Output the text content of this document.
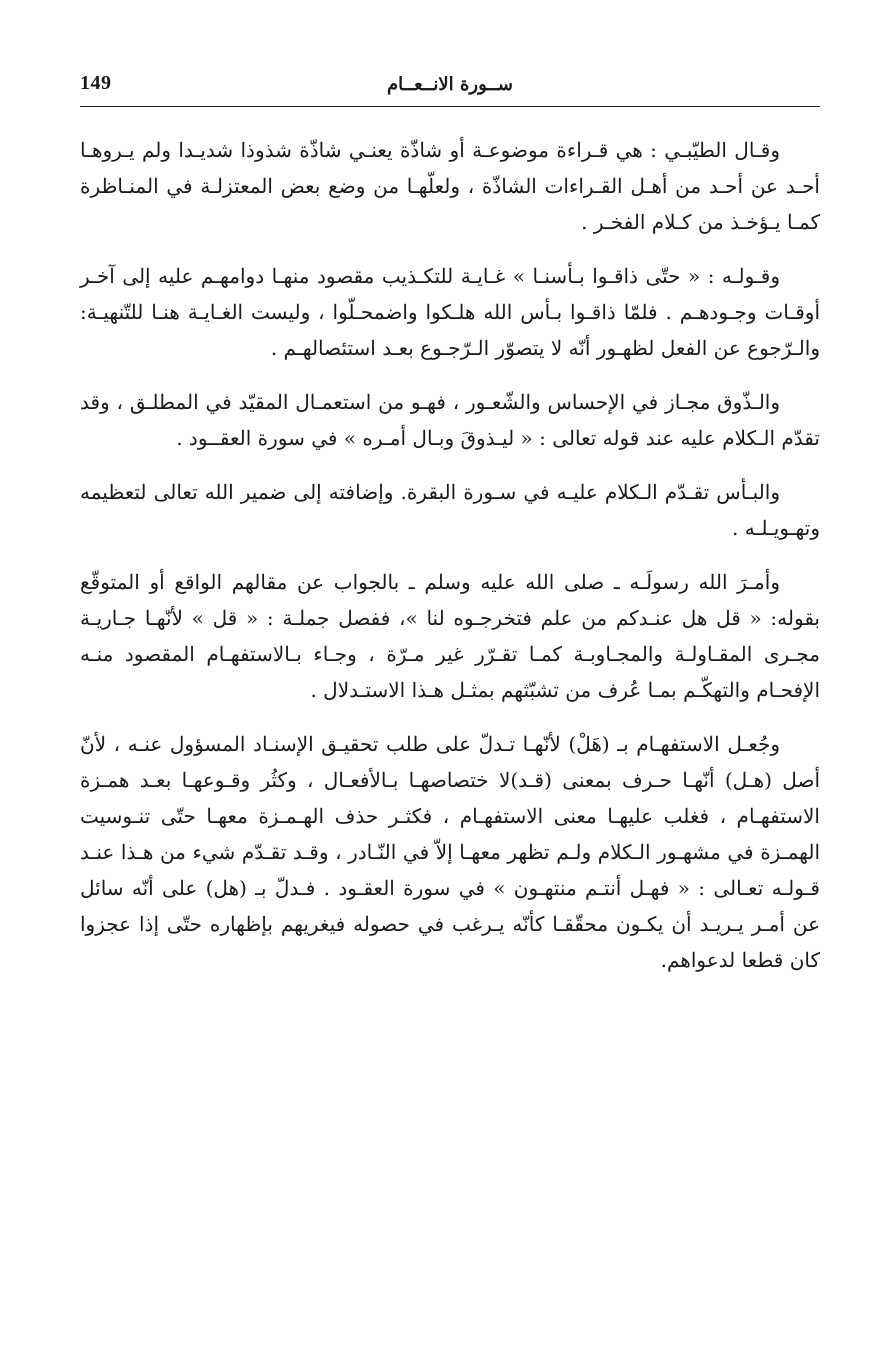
149	ســورة الانــعــام

وقـال الطيّبـي : هي قـراءة موضوعـة أو شاذّة يعنـي شاذّة شذوذا شديـدا ولم يـروهـا أحـد عن أحـد من أهـل القـراءات الشاذّة ، ولعلّهـا من وضع بعض المعتزلـة في المنـاظرة كمـا يـؤخـذ من كـلام الفخـر .

وقـولـه : « حتّى ذاقـوا بـأسنـا » غـايـة للتكـذيب مقصود منهـا دوامهـم عليه إلى آخـر أوقـات وجـودهـم . فلمّا ذاقـوا بـأس الله هلـكوا واضمحـلّوا ، وليست الغـايـة هنـا للتّنهيـة: والـرّجوع عن الفعل لظهـور أنّه لا يتصوّر الـرّجـوع بعـد استئصالهـم .

والـذّوق مجـاز في الإحساس والشّعـور ، فهـو من استعمـال المقيّد في المطلـق ، وقد تقدّم الـكلام عليه عند قوله تعالى : « ليـذوقَ وبـال أمـره » في سورة العقــود .

والبـأس تقـدّم الـكلام عليـه في سـورة البقرة. وإضافته إلى ضمير الله تعالى لتعظيمه وتهـويـلـه .

وأمـرَ الله رسولَـه ـ صلى الله عليه وسلم ـ بالجواب عن مقالهم الواقع أو المتوقّع بقوله: « قل هل عنـدكم من علم فتخرجـوه لنا »، ففصل جملـة : « قل » لأنّهـا جـاريـة مجـرى المقـاولـة والمجـاوبـة كمـا تقـرّر غير مـرّة ، وجـاء بـالاستفهـام المقصود منـه الإفحـام والتهكّـم بمـا عُرف من تشبّثهم بمثـل هـذا الاستـدلال .

وجُعـل الاستفهـام بـ (هَلْ) لأنّهـا تـدلّ على طلب تحقيـق الإسنـاد المسؤول عنـه ، لأنّ أصل (هـل) أنّهـا حـرف بمعنى (قـد)لا ختصاصهـا بـالأفعـال ، وكثُر وقـوعهـا بعـد همـزة الاستفهـام ، فغلب عليهـا معنى الاستفهـام ، فكثـر حذف الهـمـزة معهـا حتّى تنـوسيت الهمـزة في مشهـور الـكلام ولـم تظهر معهـا إلاّ في النّـادر ، وقـد تقـدّم شيء من هـذا عنـد قـولـه تعـالى : « فهـل أنتـم منتهـون » في سورة العقـود . فـدلّ بـ (هل) على أنّه سائل عن أمـر يـريـد أن يكـون محقّقـا كأنّه يـرغب في حصوله فيغريهم بإظهاره حتّى إذا عجزوا كان قطعا لدعواهم.
